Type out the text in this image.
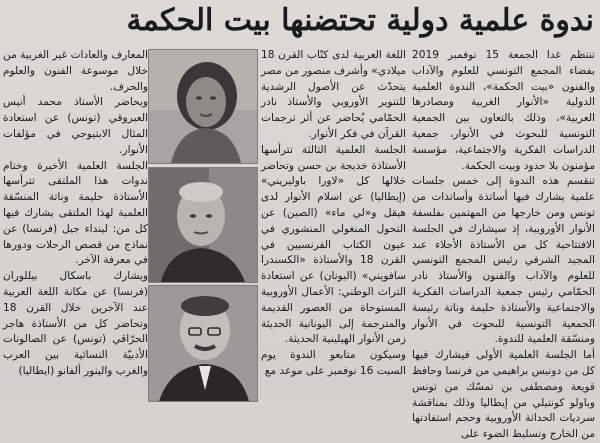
ندوة علمية دولية تحتضنها بيت الحكمة

تنتظم غدا الجمعة 15 نوفمبر 2019 بفضاء المجمع التونسي للعلوم والآداب والفنون «بيت الحكمة»، الندوة العلمية الدولية «الأنوار الغربية ومصادرها العربية»، وذلك بالتعاون بين الجمعية التونسية للبحوث في الأنوار، جمعية الدراسات الفكرية والاجتماعية، مؤسسة مؤمنون بلا حدود وبيت الحكمة.

تنقسم هذه الندوة إلى خمس جلسات علمية يشارك فيها أساتذة وأساتذات من تونس ومن خارجها من المهتمين بفلسفة الأنوار الأوروبية، إذ سيشارك في الجلسة الافتتاحية كل من الأستاذة الأجلاء عبد المجيد الشرفي رئيس المجمع التونسي للعلوم والآداب والفنون والأستاذ نادر الحمّامي رئيس جمعية الدراسات الفكرية والاجتماعية والأستاذة حليمة وناتة رئيسة الجمعية التونسية للبحوث في الأنوار ومنسّقة العلمية للندوة.

أما الجلسة العلمية الأولى فيشارك فيها كل من دونيس براهيمي من فرنسا وحافظ قويعة ومصطفى بن تمسّك من تونس وباولو كونتيلي من إيطاليا وذلك بمناقشة سرديات الحداثة الأوروبية وحجم استفادتها من الخارج وتسليط الضوء على

اللغة العربية لدى كتّاب القرن 18 ميلادي» وأشرف منصور من مصر يتحدّث عن الأصول الرشدية للتنوير الأوروبي والأستاذ نادر الحمّامي يُحاضر عن أثر ترجمات القرآن في فكر الأنوار.

الجلسة العلمية الثالثة تترأسها الأستاذة خديجة بن حسن وتحاضر خلالها كل «لاورا باوليريني» (إيطاليا) عن اسلام الأنوار لدى هيقل و«لي ماء» (الصين) عن التحول المنغولي المنشوري في عيون الكتاب الفرنسيين في القرن 18 والأستاذة «الكسندرا سافويني» (اليونان) عن استعادة التراث الوطني: الأعمال الأوروبية المستوحاة من العصور القديمة والمترجمة إلى اليونانية الحديثة زمن الأنوار الهيلينية الحديثة.

وسيكون متابعو الندوة يوم السبت 16 نوفمبر على موعد مع

المعارف والعادات غير الغربية من خلال موسوعة الفنون والعلوم والحرف.

ويحاضر الأستاذ محمد أنيس العبروقي (تونس) عن استعادة المثال الابتيوجي في مؤلفات الأنوار.

الجلسة العلمية الأخيرة وختام ندوات هذا الملتقى تترأسها الأستاذة حليمة وناتة المنسّقة العلمية لهذا الملتقى يشارك فيها كل من: لينداء جيل (فرنسا) عن نماذج من قصص الرحلات ودورها في معرفة الآخر.

ويشارك باسكال بيللوران (فرنسا) عن مكانة اللغة العربية عند الآخرين خلال القرن 18 وتحاضر كل من الأستاذة هاجر الحرّاقي (تونس) عن الصالونات الأدبيّة النسائية بين العرب والغرب والينور ألفانو (ايطاليا)
